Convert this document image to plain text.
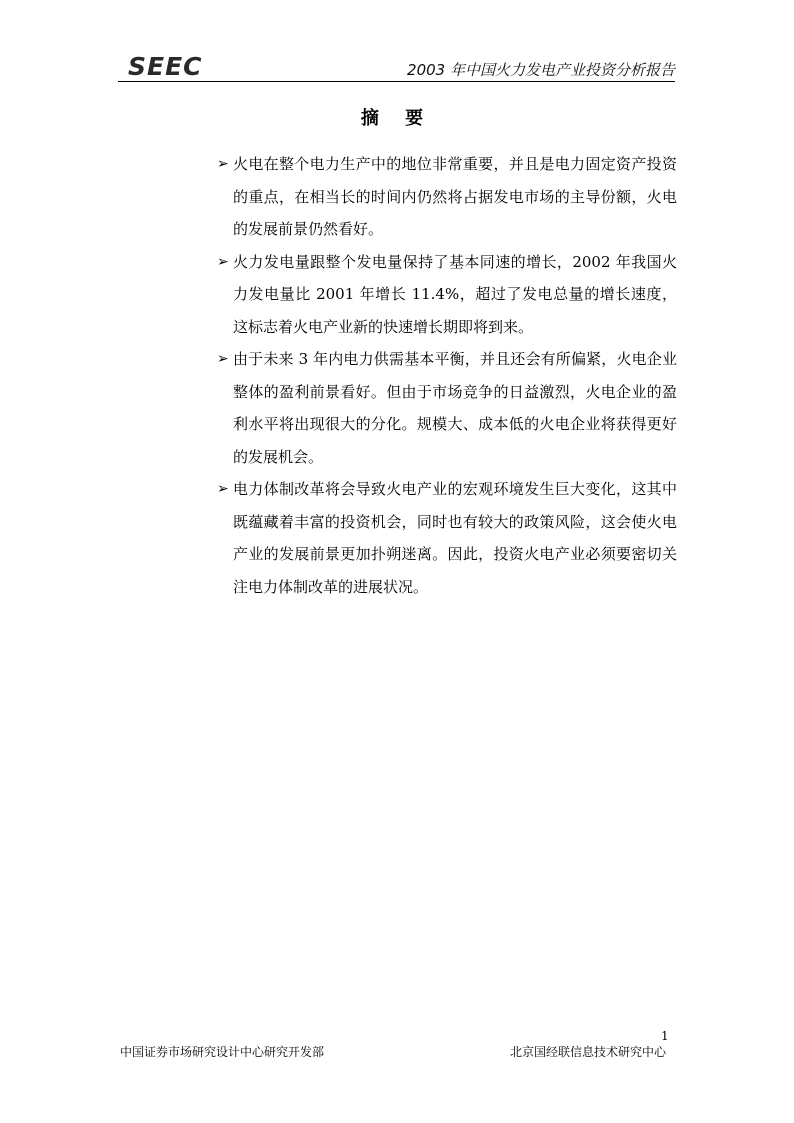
SEEC	2003 年中国火力发电产业投资分析报告
摘 要
➢ 火电在整个电力生产中的地位非常重要，并且是电力固定资产投资的重点，在相当长的时间内仍然将占据发电市场的主导份额，火电的发展前景仍然看好。
➢ 火力发电量跟整个发电量保持了基本同速的增长，2002 年我国火力发电量比 2001 年增长 11.4%，超过了发电总量的增长速度，这标志着火电产业新的快速增长期即将到来。
➢ 由于未来 3 年内电力供需基本平衡，并且还会有所偏紧，火电企业整体的盈利前景看好。但由于市场竞争的日益激烈，火电企业的盈利水平将出现很大的分化。规模大、成本低的火电企业将获得更好的发展机会。
➢ 电力体制改革将会导致火电产业的宏观环境发生巨大变化，这其中既蕴藏着丰富的投资机会，同时也有较大的政策风险，这会使火电产业的发展前景更加扑朔迷离。因此，投资火电产业必须要密切关注电力体制改革的进展状况。
1
中国证券市场研究设计中心研究开发部	北京国经联信息技术研究中心
